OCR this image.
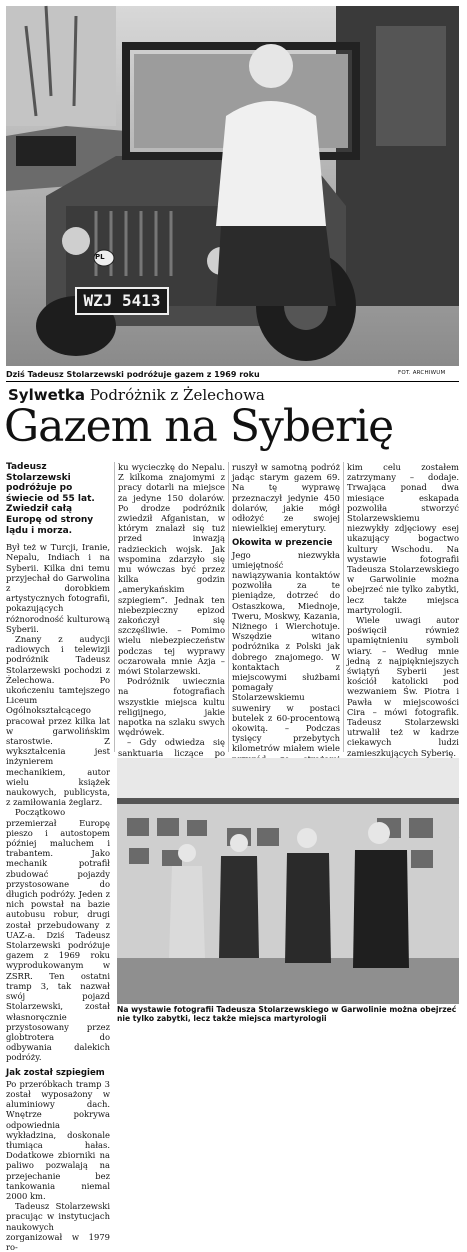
WZJ 5413
PL
Dziś Tadeusz Stolarzewski podróżuje gazem z 1969 roku	FOT. ARCHIWUM
Sylwetka Podróżnik z Żelechowa
Gazem na Syberię

Tadeusz Stolarzewski podróżuje po świecie od 55 lat. Zwiedził całą Europę od strony lądu i morza.

Był też w Turcji, Iranie, Nepalu, Indiach i na Syberii. Kilka dni temu przyjechał do Garwolina z dorobkiem artystycznych fotografii, pokazujących różnorodność kulturową Syberii.

Znany z audycji radiowych i telewizji podróżnik Tadeusz Stolarzewski pochodzi z Żelechowa. Po ukończeniu tamtejszego Liceum Ogólnokształcącego pracował przez kilka lat w garwolińskim starostwie. Z wykształcenia jest inżynierem mechanikiem, autor wielu książek naukowych, publicysta, z zamiłowania żeglarz.

Początkowo przemierzał Europę pieszo i autostopem później maluchem i trabantem. Jako mechanik potrafił zbudować pojazdy przystosowane do długich podróży. Jeden z nich powstał na bazie autobusu robur, drugi został przebudowany z UAZ-a. Dziś Tadeusz Stolarzewski podróżuje gazem z 1969 roku wyprodukowanym w ZSRR. Ten ostatni tramp 3, tak nazwał swój pojazd Stolarzewski, został własnoręcznie przystosowany przez globtrotera do odbywania dalekich podróży.

Jak został szpiegiem

Po przeróbkach tramp 3 został wyposażony w aluminiowy dach. Wnętrze pokrywa odpowiednia wykładzina, doskonale tłumiąca hałas. Dodatkowe zbiorniki na paliwo pozwalają na przejechanie bez tankowania niemal 2000 km.

Tadeusz Stolarzewski pracując w instytucjach naukowych zorganizował w 1979 ro-

ku wycieczkę do Nepalu. Z kilkoma znajomymi z pracy dotarli na miejsce za jedyne 150 dolarów. Po drodze podróżnik zwiedził Afganistan, w którym znalazł się tuż przed inwazją radzieckich wojsk. Jak wspomina zdarzyło się mu wówczas być przez kilka godzin „amerykańskim szpiegiem”. Jednak ten niebezpieczny epizod zakończył się szczęśliwie. – Pomimo wielu niebezpieczeństw podczas tej wyprawy oczarowała mnie Azja – mówi Stolarzewski.

Podróżnik uwiecznia na fotografiach wszystkie miejsca kultu religijnego, jakie napotka na szlaku swych wędrówek.

– Gdy odwiedza się sanktuaria liczące po

ruszył w samotną podróż jadąc starym gazem 69. Na tę wyprawę przeznaczył jedynie 450 dolarów, jakie mógł odłożyć ze swojej niewielkiej emerytury.

Okowita w prezencie

Jego niezwykła umiejętność nawiązywania kontaktów pozwoliła za te pieniądze, dotrzeć do Ostaszkowa, Miednoje, Tweru, Moskwy, Kazania, Niżnego i Wierchotuje. Wszędzie witano podróżnika z Polski jak dobrego znajomego. W kontaktach z miejscowymi służbami pomagały Stolarzewskiemu suweniry w postaci butelek z 60-procentową okowitą. – Podczas tysięcy przebytych kilometrów miałem wiele

kim celu zostałem zatrzymany – dodaje. Trwająca ponad dwa miesiące eskapada pozwoliła stworzyć Stolarzewskiemu niezwykły zdjęciowy esej ukazujący bogactwo kultury Wschodu. Na wystawie fotografii Tadeusza Stolarzewskiego w Garwolinie można obejrzeć nie tylko zabytki, lecz także miejsca martyrologii.

Wiele uwagi autor poświęcił również upamiętnieniu symboli wiary. – Według mnie jedną z najpiękniejszych świątyń Syberii jest kościół katolicki pod wezwaniem Św. Piotra i Pawła w miejscowości Cira – mówi fotografik. Tadeusz Stolarzewski utrwalił też w kadrze ciekawych ludzi zamieszkujących Syberię.

Na wystawie fotografii Tadeusza Stolarzewskiego w Garwolinie można obejrzeć nie tylko zabytki, lecz także miejsca martyrologii
